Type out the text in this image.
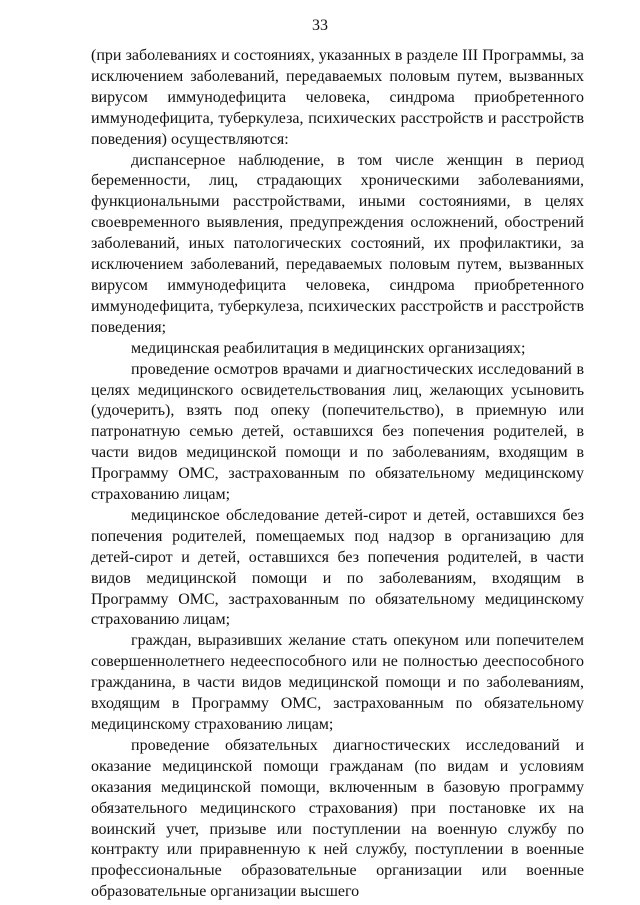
33

(при заболеваниях и состояниях, указанных в разделе III Программы, за исключением заболеваний, передаваемых половым путем, вызванных вирусом иммунодефицита человека, синдрома приобретенного иммунодефицита, туберкулеза, психических расстройств и расстройств поведения) осуществляются:

диспансерное наблюдение, в том числе женщин в период беременности, лиц, страдающих хроническими заболеваниями, функциональными расстройствами, иными состояниями, в целях своевременного выявления, предупреждения осложнений, обострений заболеваний, иных патологических состояний, их профилактики, за исключением заболеваний, передаваемых половым путем, вызванных вирусом иммунодефицита человека, синдрома приобретенного иммунодефицита, туберкулеза, психических расстройств и расстройств поведения;

медицинская реабилитация в медицинских организациях;

проведение осмотров врачами и диагностических исследований в целях медицинского освидетельствования лиц, желающих усыновить (удочерить), взять под опеку (попечительство), в приемную или патронатную семью детей, оставшихся без попечения родителей, в части видов медицинской помощи и по заболеваниям, входящим в Программу ОМС, застрахованным по обязательному медицинскому страхованию лицам;

медицинское обследование детей-сирот и детей, оставшихся без попечения родителей, помещаемых под надзор в организацию для детей-сирот и детей, оставшихся без попечения родителей, в части видов медицинской помощи и по заболеваниям, входящим в Программу ОМС, застрахованным по обязательному медицинскому страхованию лицам;

граждан, выразивших желание стать опекуном или попечителем совершеннолетнего недееспособного или не полностью дееспособного гражданина, в части видов медицинской помощи и по заболеваниям, входящим в Программу ОМС, застрахованным по обязательному медицинскому страхованию лицам;

проведение обязательных диагностических исследований и оказание медицинской помощи гражданам (по видам и условиям оказания медицинской помощи, включенным в базовую программу обязательного медицинского страхования) при постановке их на воинский учет, призыве или поступлении на военную службу по контракту или приравненную к ней службу, поступлении в военные профессиональные образовательные организации или военные образовательные организации высшего
